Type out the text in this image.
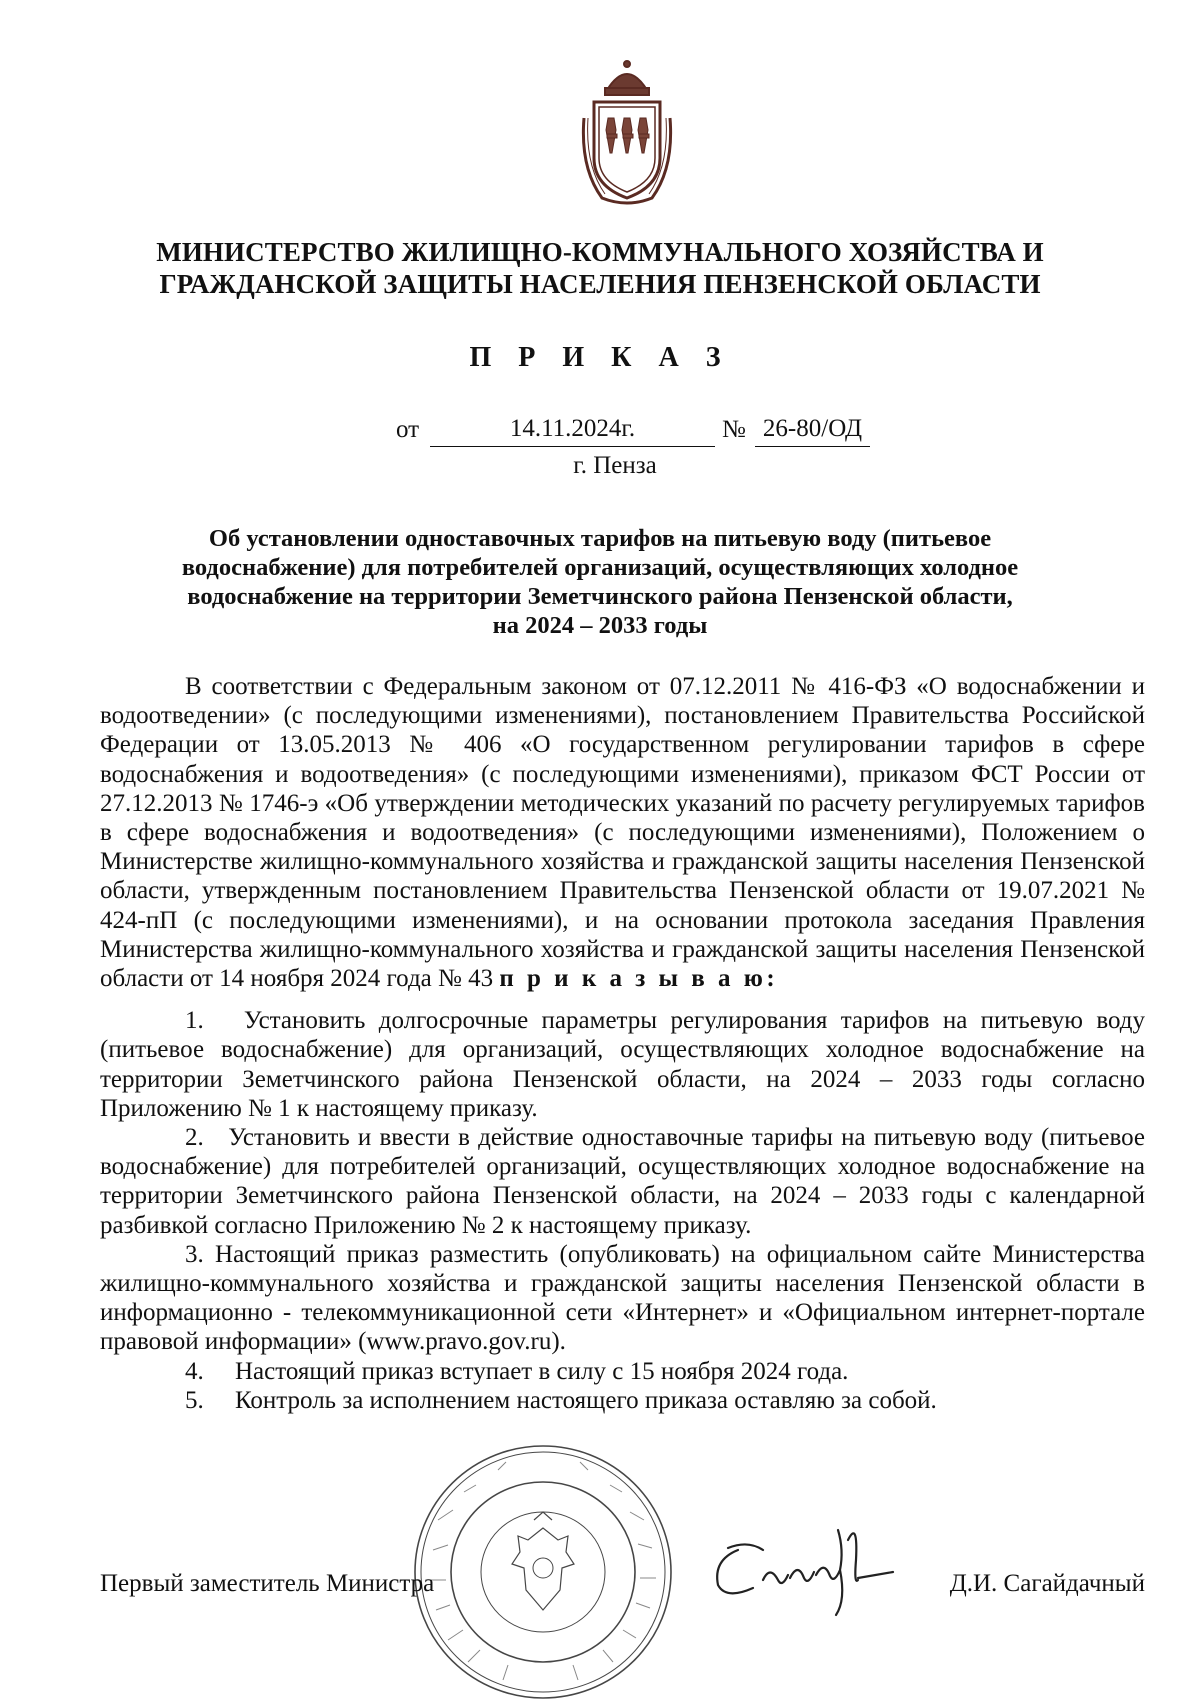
МИНИСТЕРСТВО ЖИЛИЩНО-КОММУНАЛЬНОГО ХОЗЯЙСТВА И
ГРАЖДАНСКОЙ ЗАЩИТЫ НАСЕЛЕНИЯ ПЕНЗЕНСКОЙ ОБЛАСТИ
П Р И К А З
от	14.11.2024г.	№ 26-80/ОД
г. Пенза
Об установлении одноставочных тарифов на питьевую воду (питьевое
водоснабжение) для потребителей организаций, осуществляющих холодное
водоснабжение на территории Земетчинского района Пензенской области,
на 2024 – 2033 годы

В соответствии с Федеральным законом от 07.12.2011 № 416-ФЗ «О водоснабжении и водоотведении» (с последующими изменениями), постановлением Правительства Российской Федерации от 13.05.2013 № 406 «О государственном регулировании тарифов в сфере водоснабжения и водоотведения» (с последующими изменениями), приказом ФСТ России от 27.12.2013 № 1746-э «Об утверждении методических указаний по расчету регулируемых тарифов в сфере водоснабжения и водоотведения» (с последующими изменениями), Положением о Министерстве жилищно-коммунального хозяйства и гражданской защиты населения Пензенской области, утвержденным постановлением Правительства Пензенской области от 19.07.2021 № 424-пП (с последующими изменениями), и на основании протокола заседания Правления Министерства жилищно-коммунального хозяйства и гражданской защиты населения Пензенской области от 14 ноября 2024 года № 43 п р и к а з ы в а ю:

1. Установить долгосрочные параметры регулирования тарифов на питьевую воду (питьевое водоснабжение) для организаций, осуществляющих холодное водоснабжение на территории Земетчинского района Пензенской области, на 2024 – 2033 годы согласно Приложению № 1 к настоящему приказу.

2. Установить и ввести в действие одноставочные тарифы на питьевую воду (питьевое водоснабжение) для потребителей организаций, осуществляющих холодное водоснабжение на территории Земетчинского района Пензенской области, на 2024 – 2033 годы с календарной разбивкой согласно Приложению № 2 к настоящему приказу.

3. Настоящий приказ разместить (опубликовать) на официальном сайте Министерства жилищно-коммунального хозяйства и гражданской защиты населения Пензенской области в информационно - телекоммуникационной сети «Интернет» и «Официальном интернет-портале правовой информации» (www.pravo.gov.ru).

4. Настоящий приказ вступает в силу с 15 ноября 2024 года.

5. Контроль за исполнением настоящего приказа оставляю за собой.

Первый заместитель Министра	Д.И. Сагайдачный
